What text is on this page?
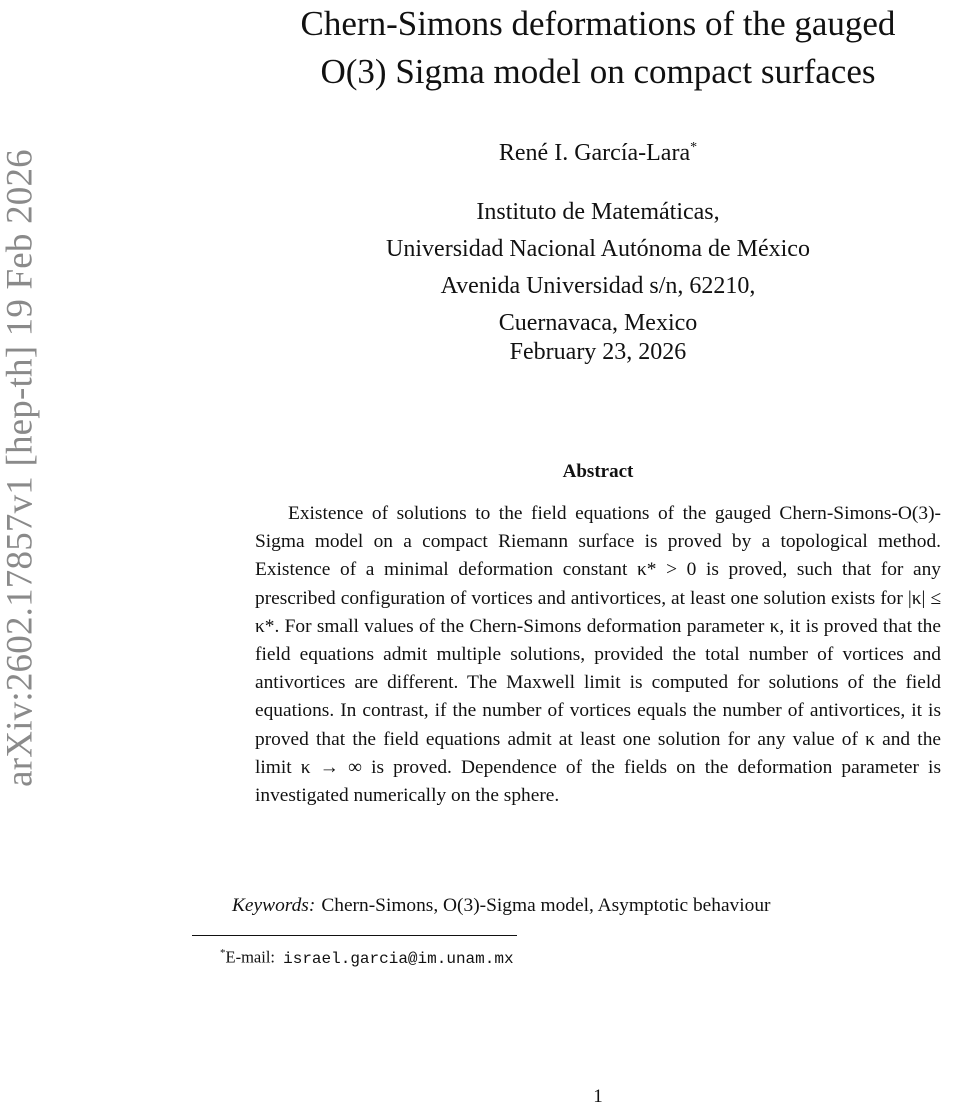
arXiv:2602.17857v1 [hep-th] 19 Feb 2026
Chern-Simons deformations of the gauged
O(3) Sigma model on compact surfaces
René I. García-Lara*
Instituto de Matemáticas,
Universidad Nacional Autónoma de México
Avenida Universidad s/n, 62210,
Cuernavaca, Mexico
February 23, 2026
Abstract

Existence of solutions to the field equations of the gauged Chern-Simons-O(3)-Sigma model on a compact Riemann surface is proved by a topological method. Existence of a minimal deformation constant κ* > 0 is proved, such that for any prescribed configuration of vortices and antivortices, at least one solution exists for |κ| ≤ κ*. For small values of the Chern-Simons deformation parameter κ, it is proved that the field equations admit multiple solutions, provided the total number of vortices and antivortices are different. The Maxwell limit is computed for solutions of the field equations. In contrast, if the number of vortices equals the number of antivortices, it is proved that the field equations admit at least one solution for any value of κ and the limit κ → ∞ is proved. Dependence of the fields on the deformation parameter is investigated numerically on the sphere.

Keywords: Chern-Simons, O(3)-Sigma model, Asymptotic behaviour
*E-mail: israel.garcia@im.unam.mx
1
